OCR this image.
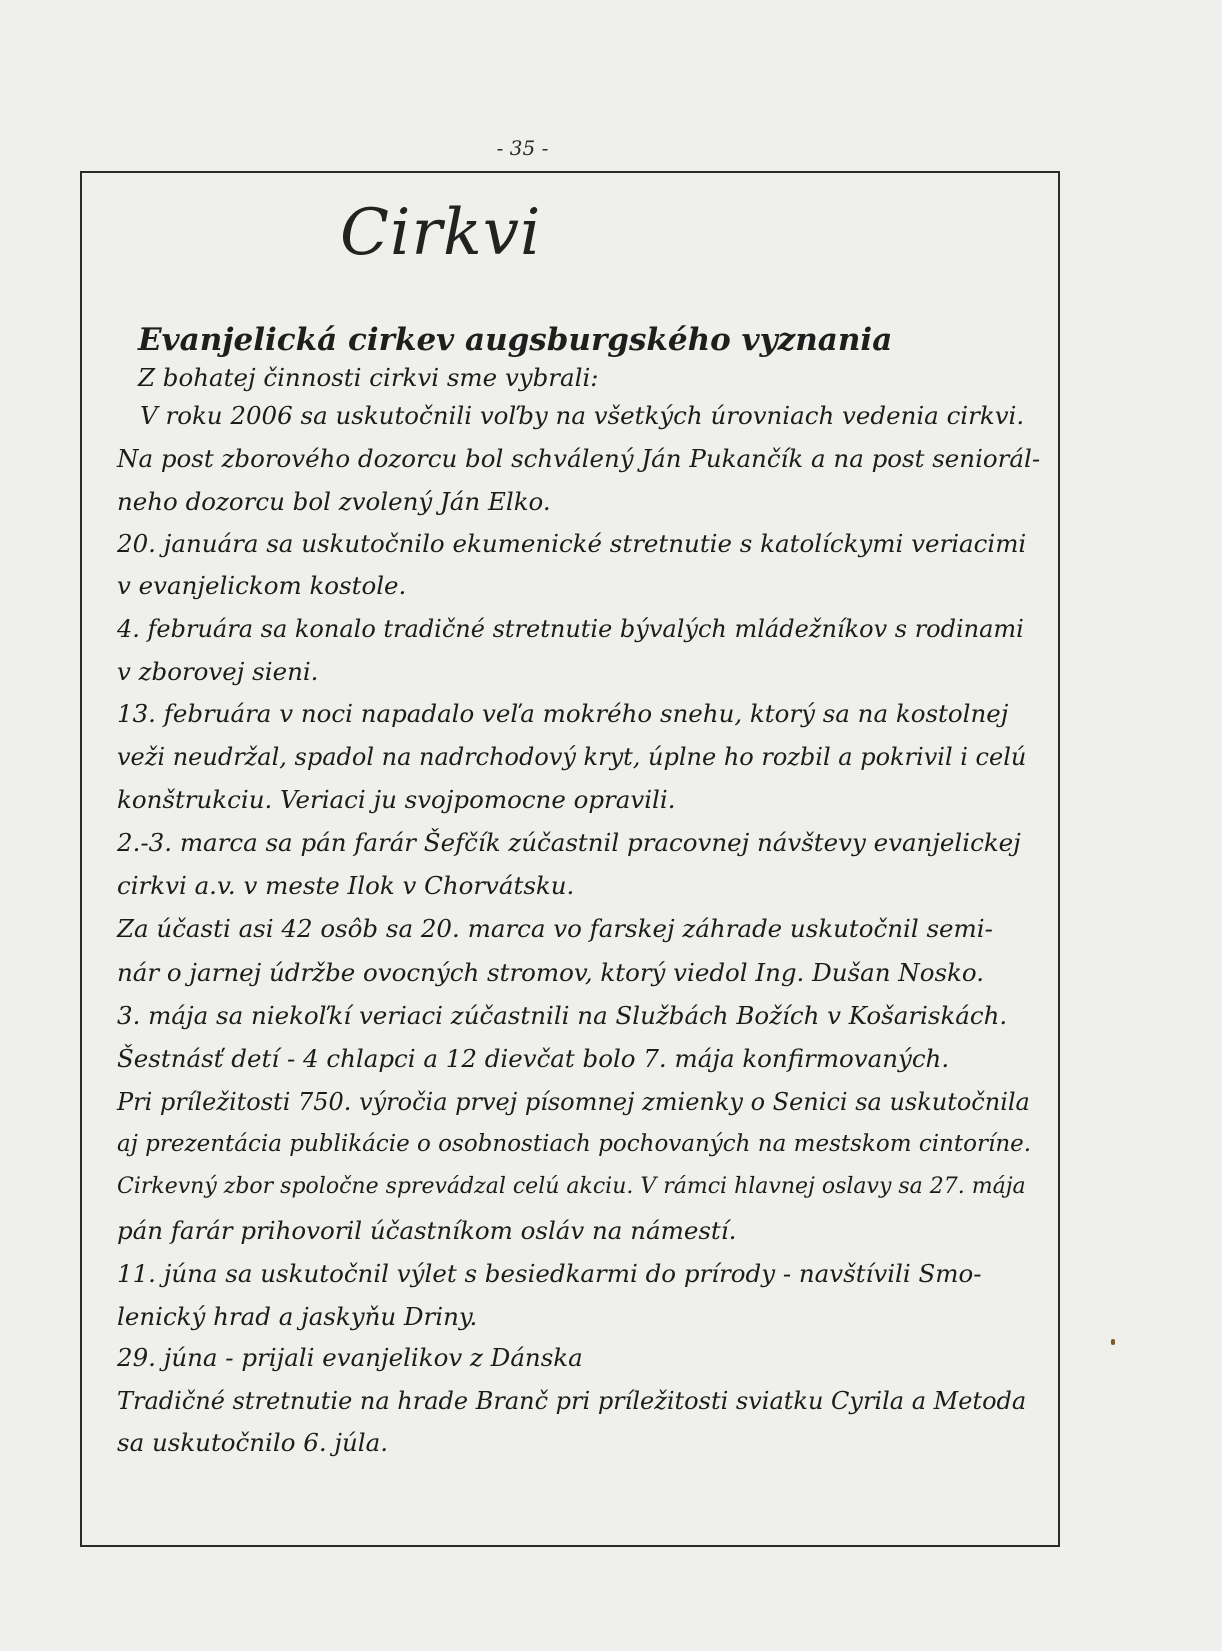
- 35 -
Cirkvi
Evanjelická cirkev augsburgského vyznania
Z bohatej činnosti cirkvi sme vybrali:
V roku 2006 sa uskutočnili voľby na všetkých úrovniach vedenia cirkvi.
Na post zborového dozorcu bol schválený Ján Pukančík a na post seniorál-
neho dozorcu bol zvolený Ján Elko.
20. januára sa uskutočnilo ekumenické stretnutie s katolíckymi veriacimi
v evanjelickom kostole.
4. februára sa konalo tradičné stretnutie bývalých mládežníkov s rodinami
v zborovej sieni.
13. februára v noci napadalo veľa mokrého snehu, ktorý sa na kostolnej
veži neudržal, spadol na nadrchodový kryt, úplne ho rozbil a pokrivil i celú
konštrukciu. Veriaci ju svojpomocne opravili.
2.-3. marca sa pán farár Šefčík zúčastnil pracovnej návštevy evanjelickej
cirkvi a.v. v meste Ilok v Chorvátsku.
Za účasti asi 42 osôb sa 20. marca vo farskej záhrade uskutočnil semi-
nár o jarnej údržbe ovocných stromov, ktorý viedol Ing. Dušan Nosko.
3. mája sa niekoľkí veriaci zúčastnili na Službách Božích v Košariskách.
Šestnásť detí - 4 chlapci a 12 dievčat bolo 7. mája konfirmovaných.
Pri príležitosti 750. výročia prvej písomnej zmienky o Senici sa uskutočnila
aj prezentácia publikácie o osobnostiach pochovaných na mestskom cintoríne.
Cirkevný zbor spoločne sprevádzal celú akciu. V rámci hlavnej oslavy sa 27. mája
pán farár prihovoril účastníkom osláv na námestí.
11. júna sa uskutočnil výlet s besiedkarmi do prírody - navštívili Smo-
lenický hrad a jaskyňu Driny.
29. júna - prijali evanjelikov z Dánska
Tradičné stretnutie na hrade Branč pri príležitosti sviatku Cyrila a Metoda
sa uskutočnilo 6. júla.
